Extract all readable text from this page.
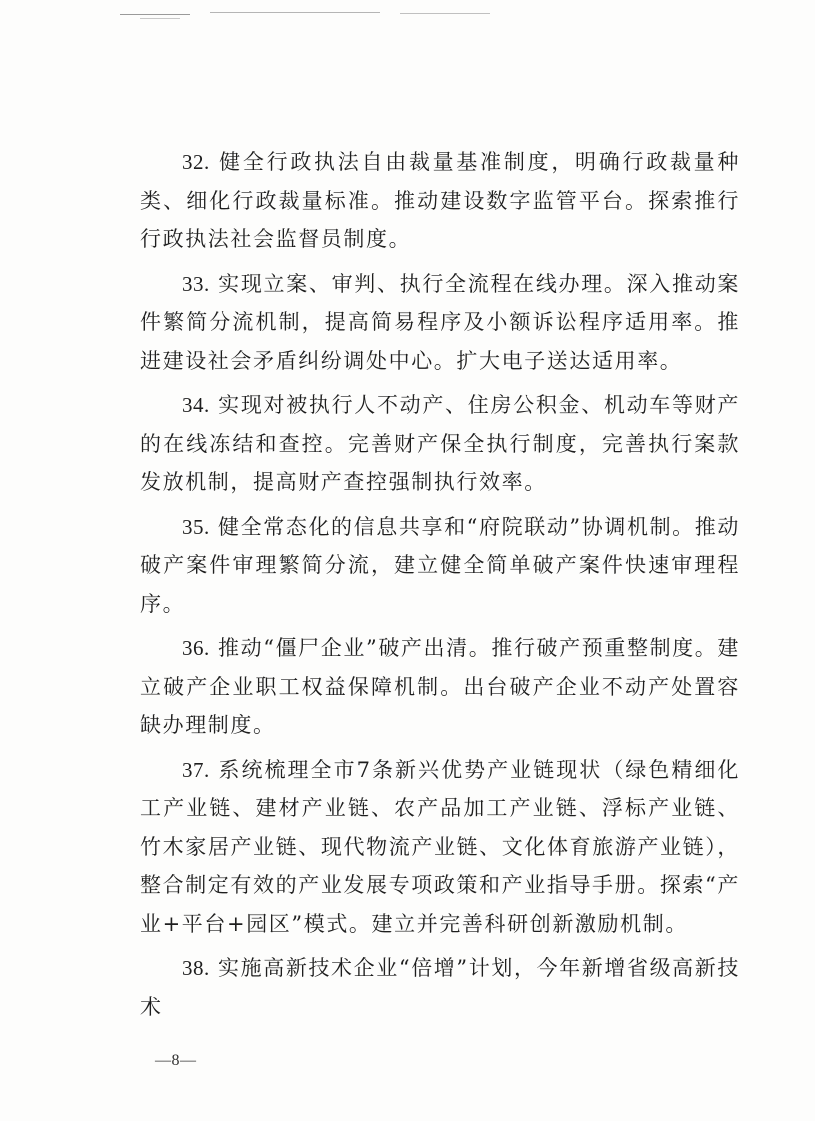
32. 健全行政执法自由裁量基准制度，明确行政裁量种类、细化行政裁量标准。推动建设数字监管平台。探索推行行政执法社会监督员制度。

33. 实现立案、审判、执行全流程在线办理。深入推动案件繁简分流机制，提高简易程序及小额诉讼程序适用率。推进建设社会矛盾纠纷调处中心。扩大电子送达适用率。

34. 实现对被执行人不动产、住房公积金、机动车等财产的在线冻结和查控。完善财产保全执行制度，完善执行案款发放机制，提高财产查控强制执行效率。

35. 健全常态化的信息共享和“府院联动”协调机制。推动破产案件审理繁简分流，建立健全简单破产案件快速审理程序。

36. 推动“僵尸企业”破产出清。推行破产预重整制度。建立破产企业职工权益保障机制。出台破产企业不动产处置容缺办理制度。

37. 系统梳理全市7条新兴优势产业链现状（绿色精细化工产业链、建材产业链、农产品加工产业链、浮标产业链、竹木家居产业链、现代物流产业链、文化体育旅游产业链），整合制定有效的产业发展专项政策和产业指导手册。探索“产业+平台+园区”模式。建立并完善科研创新激励机制。

38. 实施高新技术企业“倍增”计划，今年新增省级高新技术

—8—
